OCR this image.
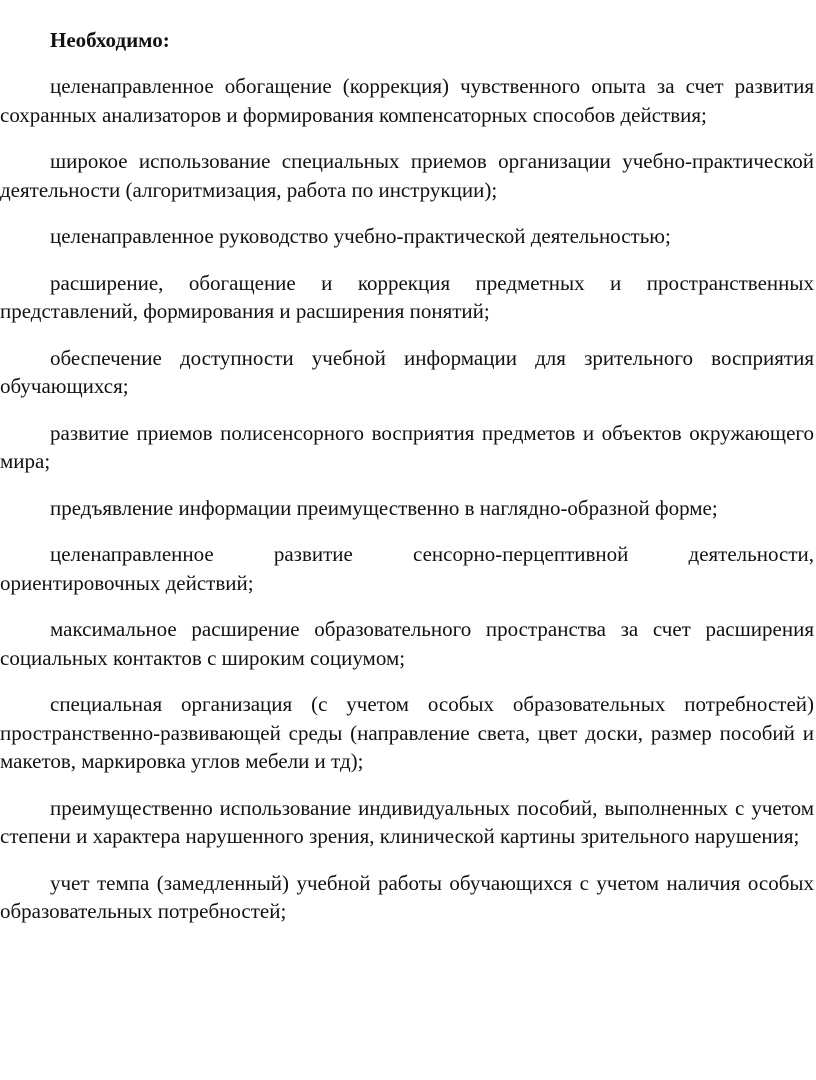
Необходимо:
целенаправленное обогащение (коррекция) чувственного опыта за счет развития сохранных анализаторов и формирования компенсаторных способов действия;
широкое использование специальных приемов организации учебно-практической деятельности (алгоритмизация, работа по инструкции);
целенаправленное руководство учебно-практической деятельностью;
расширение, обогащение и коррекция предметных и пространственных представлений, формирования и расширения понятий;
обеспечение доступности учебной информации для зрительного восприятия обучающихся;
развитие приемов полисенсорного восприятия предметов и объектов окружающего мира;
предъявление информации преимущественно в наглядно-образной форме;
целенаправленное развитие сенсорно-перцептивной деятельности, ориентировочных действий;
максимальное расширение образовательного пространства за счет расширения социальных контактов с широким социумом;
специальная организация (с учетом особых образовательных потребностей) пространственно-развивающей среды (направление света, цвет доски, размер пособий и макетов, маркировка углов мебели и тд);
преимущественно использование индивидуальных пособий, выполненных с учетом степени и характера нарушенного зрения, клинической картины зрительного нарушения;
учет темпа (замедленный) учебной работы обучающихся с учетом наличия особых образовательных потребностей;
